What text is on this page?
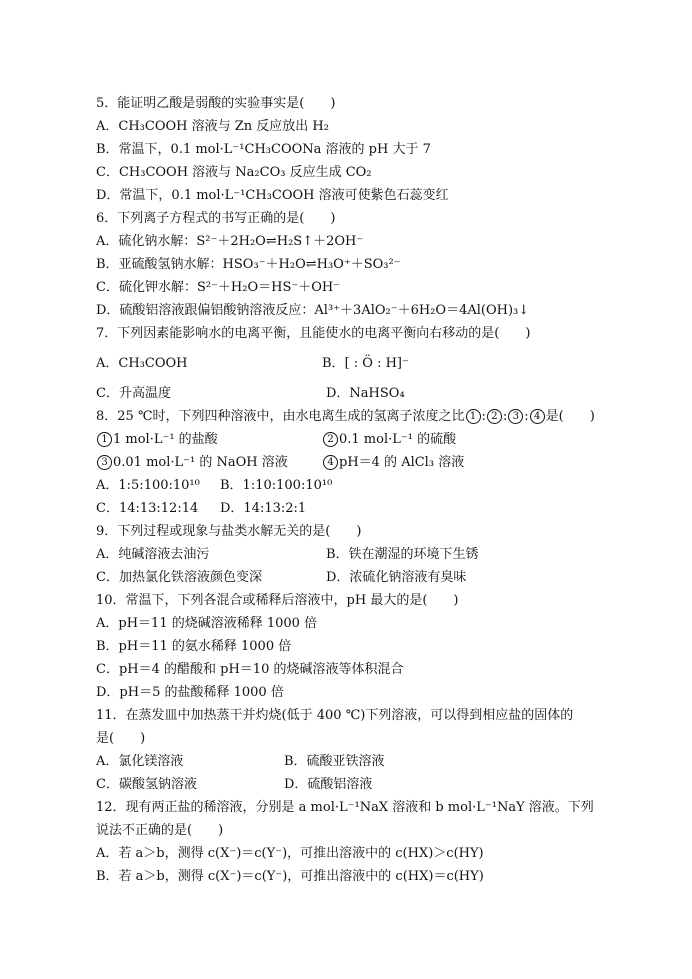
5．能证明乙酸是弱酸的实验事实是(　　)
A．CH₃COOH 溶液与 Zn 反应放出 H₂
B．常温下，0.1 mol·L⁻¹CH₃COONa 溶液的 pH 大于 7
C．CH₃COOH 溶液与 Na₂CO₃ 反应生成 CO₂
D．常温下，0.1 mol·L⁻¹CH₃COOH 溶液可使紫色石蕊变红
6．下列离子方程式的书写正确的是(　　)
A．硫化钠水解：S²⁻＋2H₂O⇌H₂S↑＋2OH⁻
B．亚硫酸氢钠水解：HSO₃⁻＋H₂O⇌H₃O⁺＋SO₃²⁻
C．硫化钾水解：S²⁻＋H₂O＝HS⁻＋OH⁻
D．硫酸铝溶液跟偏铝酸钠溶液反应：Al³⁺＋3AlO₂⁻＋6H₂O＝4Al(OH)₃↓
7．下列因素能影响水的电离平衡，且能使水的电离平衡向右移动的是(　　)
A．CH₃COOH	B．[ : Ö : H]⁻
C．升高温度	D．NaHSO₄
8．25 ℃时，下列四种溶液中，由水电离生成的氢离子浓度之比 1 : 2 : 3 : 4 是(　　)
1 1 mol·L⁻¹ 的盐酸	2 0.1 mol·L⁻¹ 的硫酸
3 0.01 mol·L⁻¹ 的 NaOH 溶液	4 pH＝4 的 AlCl₃ 溶液
A．1:5:100:10¹⁰ B．1:10:100:10¹⁰
C．14:13:12:14 D．14:13:2:1
9．下列过程或现象与盐类水解无关的是(　　)
A．纯碱溶液去油污	B．铁在潮湿的环境下生锈
C．加热氯化铁溶液颜色变深	D．浓硫化钠溶液有臭味
10．常温下，下列各混合或稀释后溶液中，pH 最大的是(　　)
A．pH＝11 的烧碱溶液稀释 1000 倍
B．pH＝11 的氨水稀释 1000 倍
C．pH＝4 的醋酸和 pH＝10 的烧碱溶液等体积混合
D．pH＝5 的盐酸稀释 1000 倍
11．在蒸发皿中加热蒸干并灼烧(低于 400 ℃)下列溶液，可以得到相应盐的固体的
是(　　)
A．氯化镁溶液	B．硫酸亚铁溶液
C．碳酸氢钠溶液	D．硫酸铝溶液
12．现有两正盐的稀溶液，分别是 a mol·L⁻¹NaX 溶液和 b mol·L⁻¹NaY 溶液。下列
说法不正确的是(　　)
A．若 a＞b，测得 c(X⁻)＝c(Y⁻)，可推出溶液中的 c(HX)＞c(HY)
B．若 a＞b，测得 c(X⁻)＝c(Y⁻)，可推出溶液中的 c(HX)＝c(HY)
